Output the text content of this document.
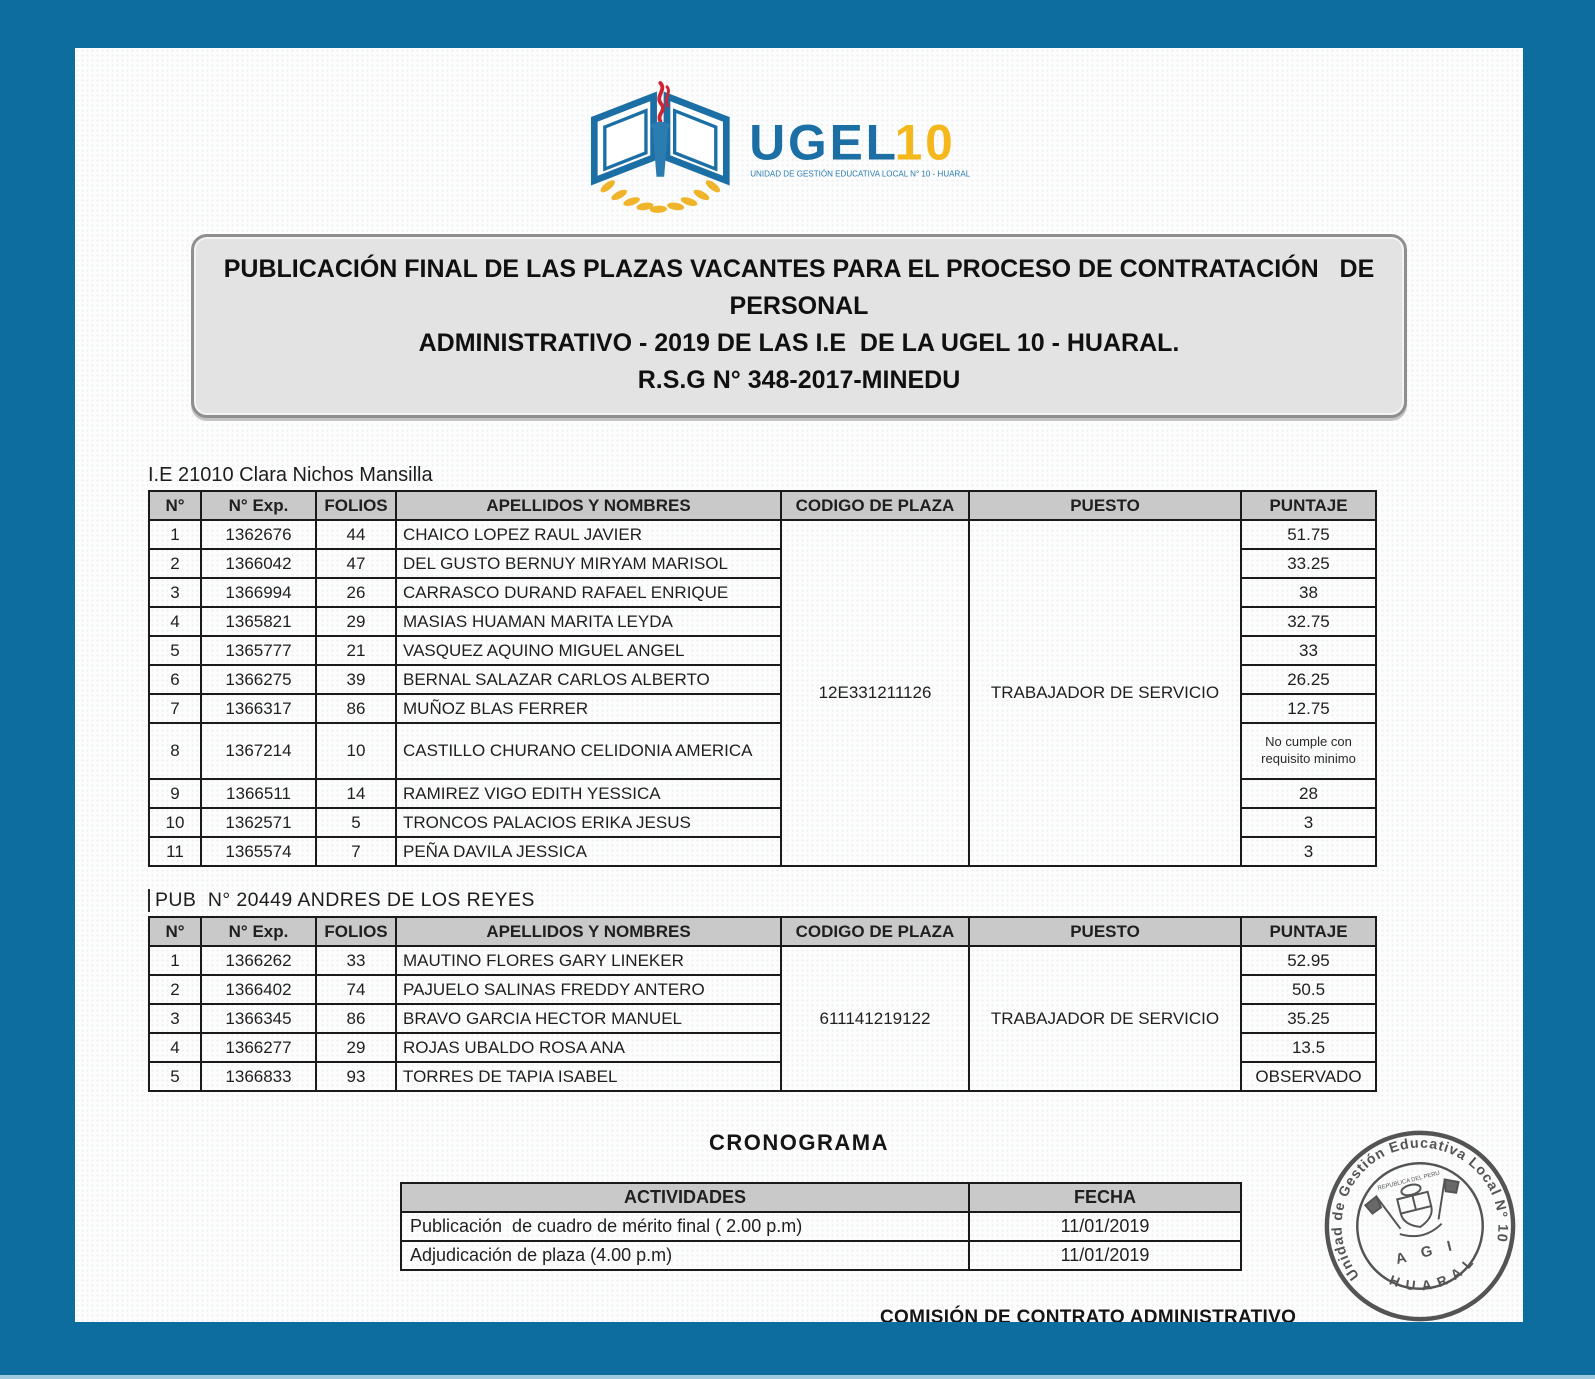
UGEL
10
UNIDAD DE GESTIÓN EDUCATIVA LOCAL N° 10 - HUARAL
PUBLICACIÓN FINAL DE LAS PLAZAS VACANTES PARA EL PROCESO DE CONTRATACIÓN   DE PERSONAL
ADMINISTRATIVO - 2019 DE LAS I.E  DE LA UGEL 10 - HUARAL.
R.S.G N° 348-2017-MINEDU
I.E 21010 Clara Nichos Mansilla
N°	N° Exp.	FOLIOS	APELLIDOS Y NOMBRES	CODIGO DE PLAZA	PUESTO	PUNTAJE
1	1362676	44	CHAICO LOPEZ RAUL JAVIER	12E331211126	TRABAJADOR DE SERVICIO	51.75
2	1366042	47	DEL GUSTO BERNUY MIRYAM MARISOL			33.25
3	1366994	26	CARRASCO DURAND RAFAEL ENRIQUE			38
4	1365821	29	MASIAS HUAMAN MARITA LEYDA			32.75
5	1365777	21	VASQUEZ AQUINO MIGUEL ANGEL			33
6	1366275	39	BERNAL SALAZAR CARLOS ALBERTO			26.25
7	1366317	86	MUÑOZ BLAS FERRER			12.75
8	1367214	10	CASTILLO CHURANO CELIDONIA AMERICA			No cumple con requisito minimo
9	1366511	14	RAMIREZ VIGO EDITH YESSICA			28
10	1362571	5	TRONCOS PALACIOS ERIKA JESUS			3
11	1365574	7	PEÑA DAVILA JESSICA			3
PUB  N° 20449 ANDRES DE LOS REYES
N°	N° Exp.	FOLIOS	APELLIDOS Y NOMBRES	CODIGO DE PLAZA	PUESTO	PUNTAJE
1	1366262	33	MAUTINO FLORES GARY LINEKER	611141219122	TRABAJADOR DE SERVICIO	52.95
2	1366402	74	PAJUELO SALINAS FREDDY ANTERO			50.5
3	1366345	86	BRAVO GARCIA HECTOR MANUEL			35.25
4	1366277	29	ROJAS UBALDO ROSA ANA			13.5
5	1366833	93	TORRES DE TAPIA ISABEL			OBSERVADO
CRONOGRAMA
ACTIVIDADES	FECHA
Publicación  de cuadro de mérito final ( 2.00 p.m)	11/01/2019
Adjudicación de plaza (4.00 p.m)	11/01/2019
COMISIÓN DE CONTRATO ADMINISTRATIVO
Unidad de Gestión Educativa Local N° 10
- H U A R A L -
REPUBLICA DEL PERU
A G I
